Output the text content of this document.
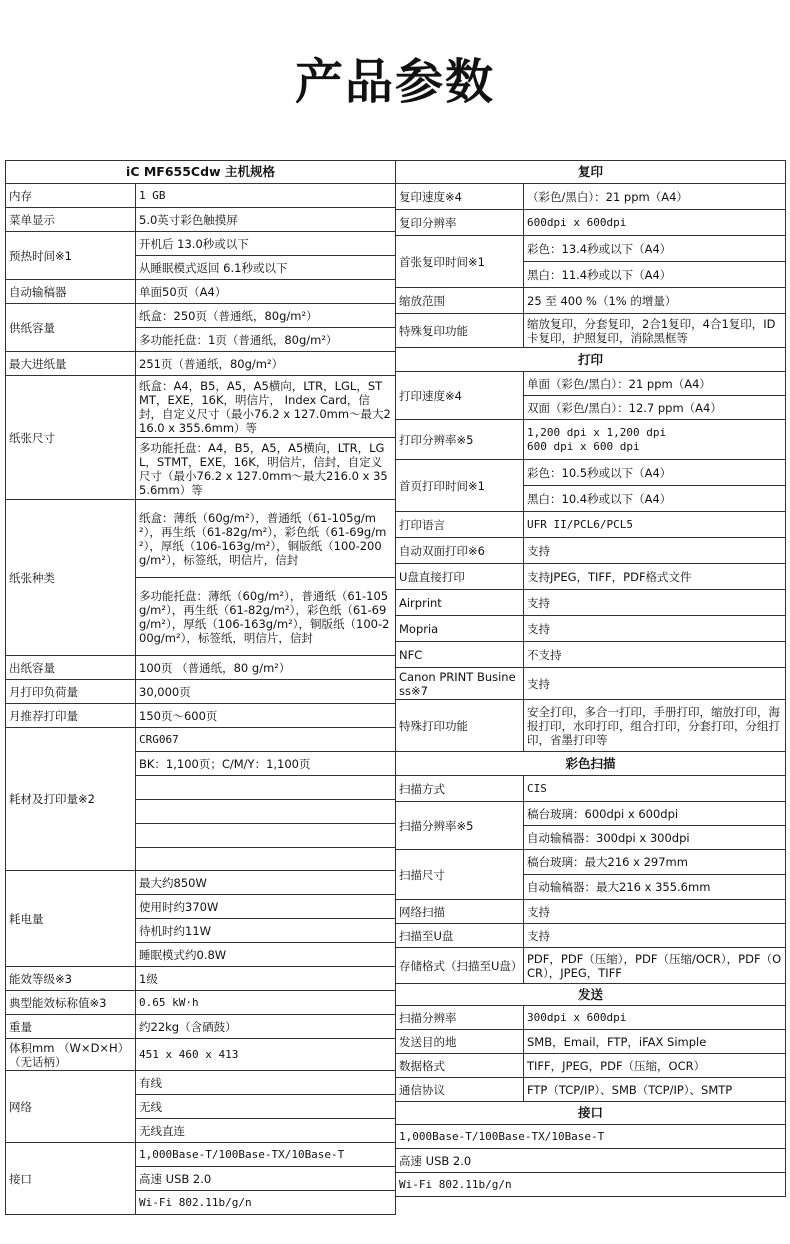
产品参数
iC MF655Cdw 主机规格	
内存	1 GB
菜单显示	5.0英寸彩色触摸屏
预热时间※1	开机后 13.0秒或以下
	从睡眠模式返回 6.1秒或以下
自动输稿器	单面50页（A4）
供纸容量	纸盒：250页（普通纸，80g/m²）
	多功能托盘：1页（普通纸，80g/m²）
最大进纸量	251页（普通纸，80g/m²）
纸张尺寸	纸盒：A4，B5，A5，A5横向，LTR，LGL，STMT，EXE，16K，明信片， Index Card，信封，自定义尺寸（最小76.2 x 127.0mm～最大216.0 x 355.6mm）等
	多功能托盘：A4，B5，A5，A5横向，LTR，LGL，STMT，EXE，16K，明信片，信封，自定义尺寸（最小76.2 x 127.0mm～最大216.0 x 355.6mm）等
纸张种类	纸盒：薄纸（60g/m²），普通纸（61-105g/m²），再生纸（61-82g/m²），彩色纸（61-69g/m²），厚纸（106-163g/m²），铜版纸（100-200g/m²），标签纸，明信片，信封
	多功能托盘：薄纸（60g/m²），普通纸（61-105g/m²），再生纸（61-82g/m²），彩色纸（61-69g/m²），厚纸（106-163g/m²），铜版纸（100-200g/m²），标签纸，明信片，信封
出纸容量	100页 （普通纸，80 g/m²）
月打印负荷量	30,000页
月推荐打印量	150页～600页
耗材及打印量※2	CRG067
	BK：1,100页；C/M/Y：1,100页

耗电量	最大约850W
	使用时约370W
	待机时约11W
	睡眠模式约0.8W
能效等级※3	1级
典型能效标称值※3	0.65 kW·h
重量	约22kg（含硒鼓）
体积mm （W×D×H）（无话柄）	451 x 460 x 413
网络	有线
	无线
	无线直连
接口	1,000Base-T/100Base-TX/10Base-T
	高速 USB 2.0
	Wi-Fi 802.11b/g/n
复印	
复印速度※4	（彩色/黑白）：21 ppm（A4）
复印分辨率	600dpi x 600dpi
首张复印时间※1	彩色：13.4秒或以下（A4）
	黑白：11.4秒或以下（A4）
缩放范围	25 至 400 %（1% 的增量）
特殊复印功能	缩放复印，分套复印，2合1复印，4合1复印，ID卡复印，护照复印，消除黑框等
打印	
打印速度※4	单面（彩色/黑白）：21 ppm（A4）
	双面（彩色/黑白）：12.7 ppm（A4）
打印分辨率※5	1,200 dpi x 1,200 dpi
600 dpi x 600 dpi

首页打印时间※1	彩色：10.5秒或以下（A4）
	黑白：10.4秒或以下（A4）
打印语言	UFR II/PCL6/PCL5
自动双面打印※6	支持
U盘直接打印	支持JPEG，TIFF，PDF格式文件
Airprint	支持
Mopria	支持
NFC	不支持
Canon PRINT Business※7	支持
特殊打印功能	安全打印，多合一打印，手册打印，缩放打印，海报打印，水印打印，组合打印，分套打印，分组打印，省墨打印等
彩色扫描	
扫描方式	CIS
扫描分辨率※5	稿台玻璃：600dpi x 600dpi
	自动输稿器：300dpi x 300dpi
扫描尺寸	稿台玻璃：最大216 x 297mm
	自动输稿器：最大216 x 355.6mm
网络扫描	支持
扫描至U盘	支持
存储格式（扫描至U盘）	PDF，PDF（压缩），PDF（压缩/OCR），PDF（OCR），JPEG，TIFF
发送	
扫描分辨率	300dpi x 600dpi
发送目的地	SMB，Email，FTP，iFAX Simple
数据格式	TIFF，JPEG，PDF（压缩，OCR）
通信协议	FTP（TCP/IP）、SMB（TCP/IP）、SMTP
接口	
1,000Base-T/100Base-TX/10Base-T	
高速 USB 2.0	
Wi-Fi 802.11b/g/n	
